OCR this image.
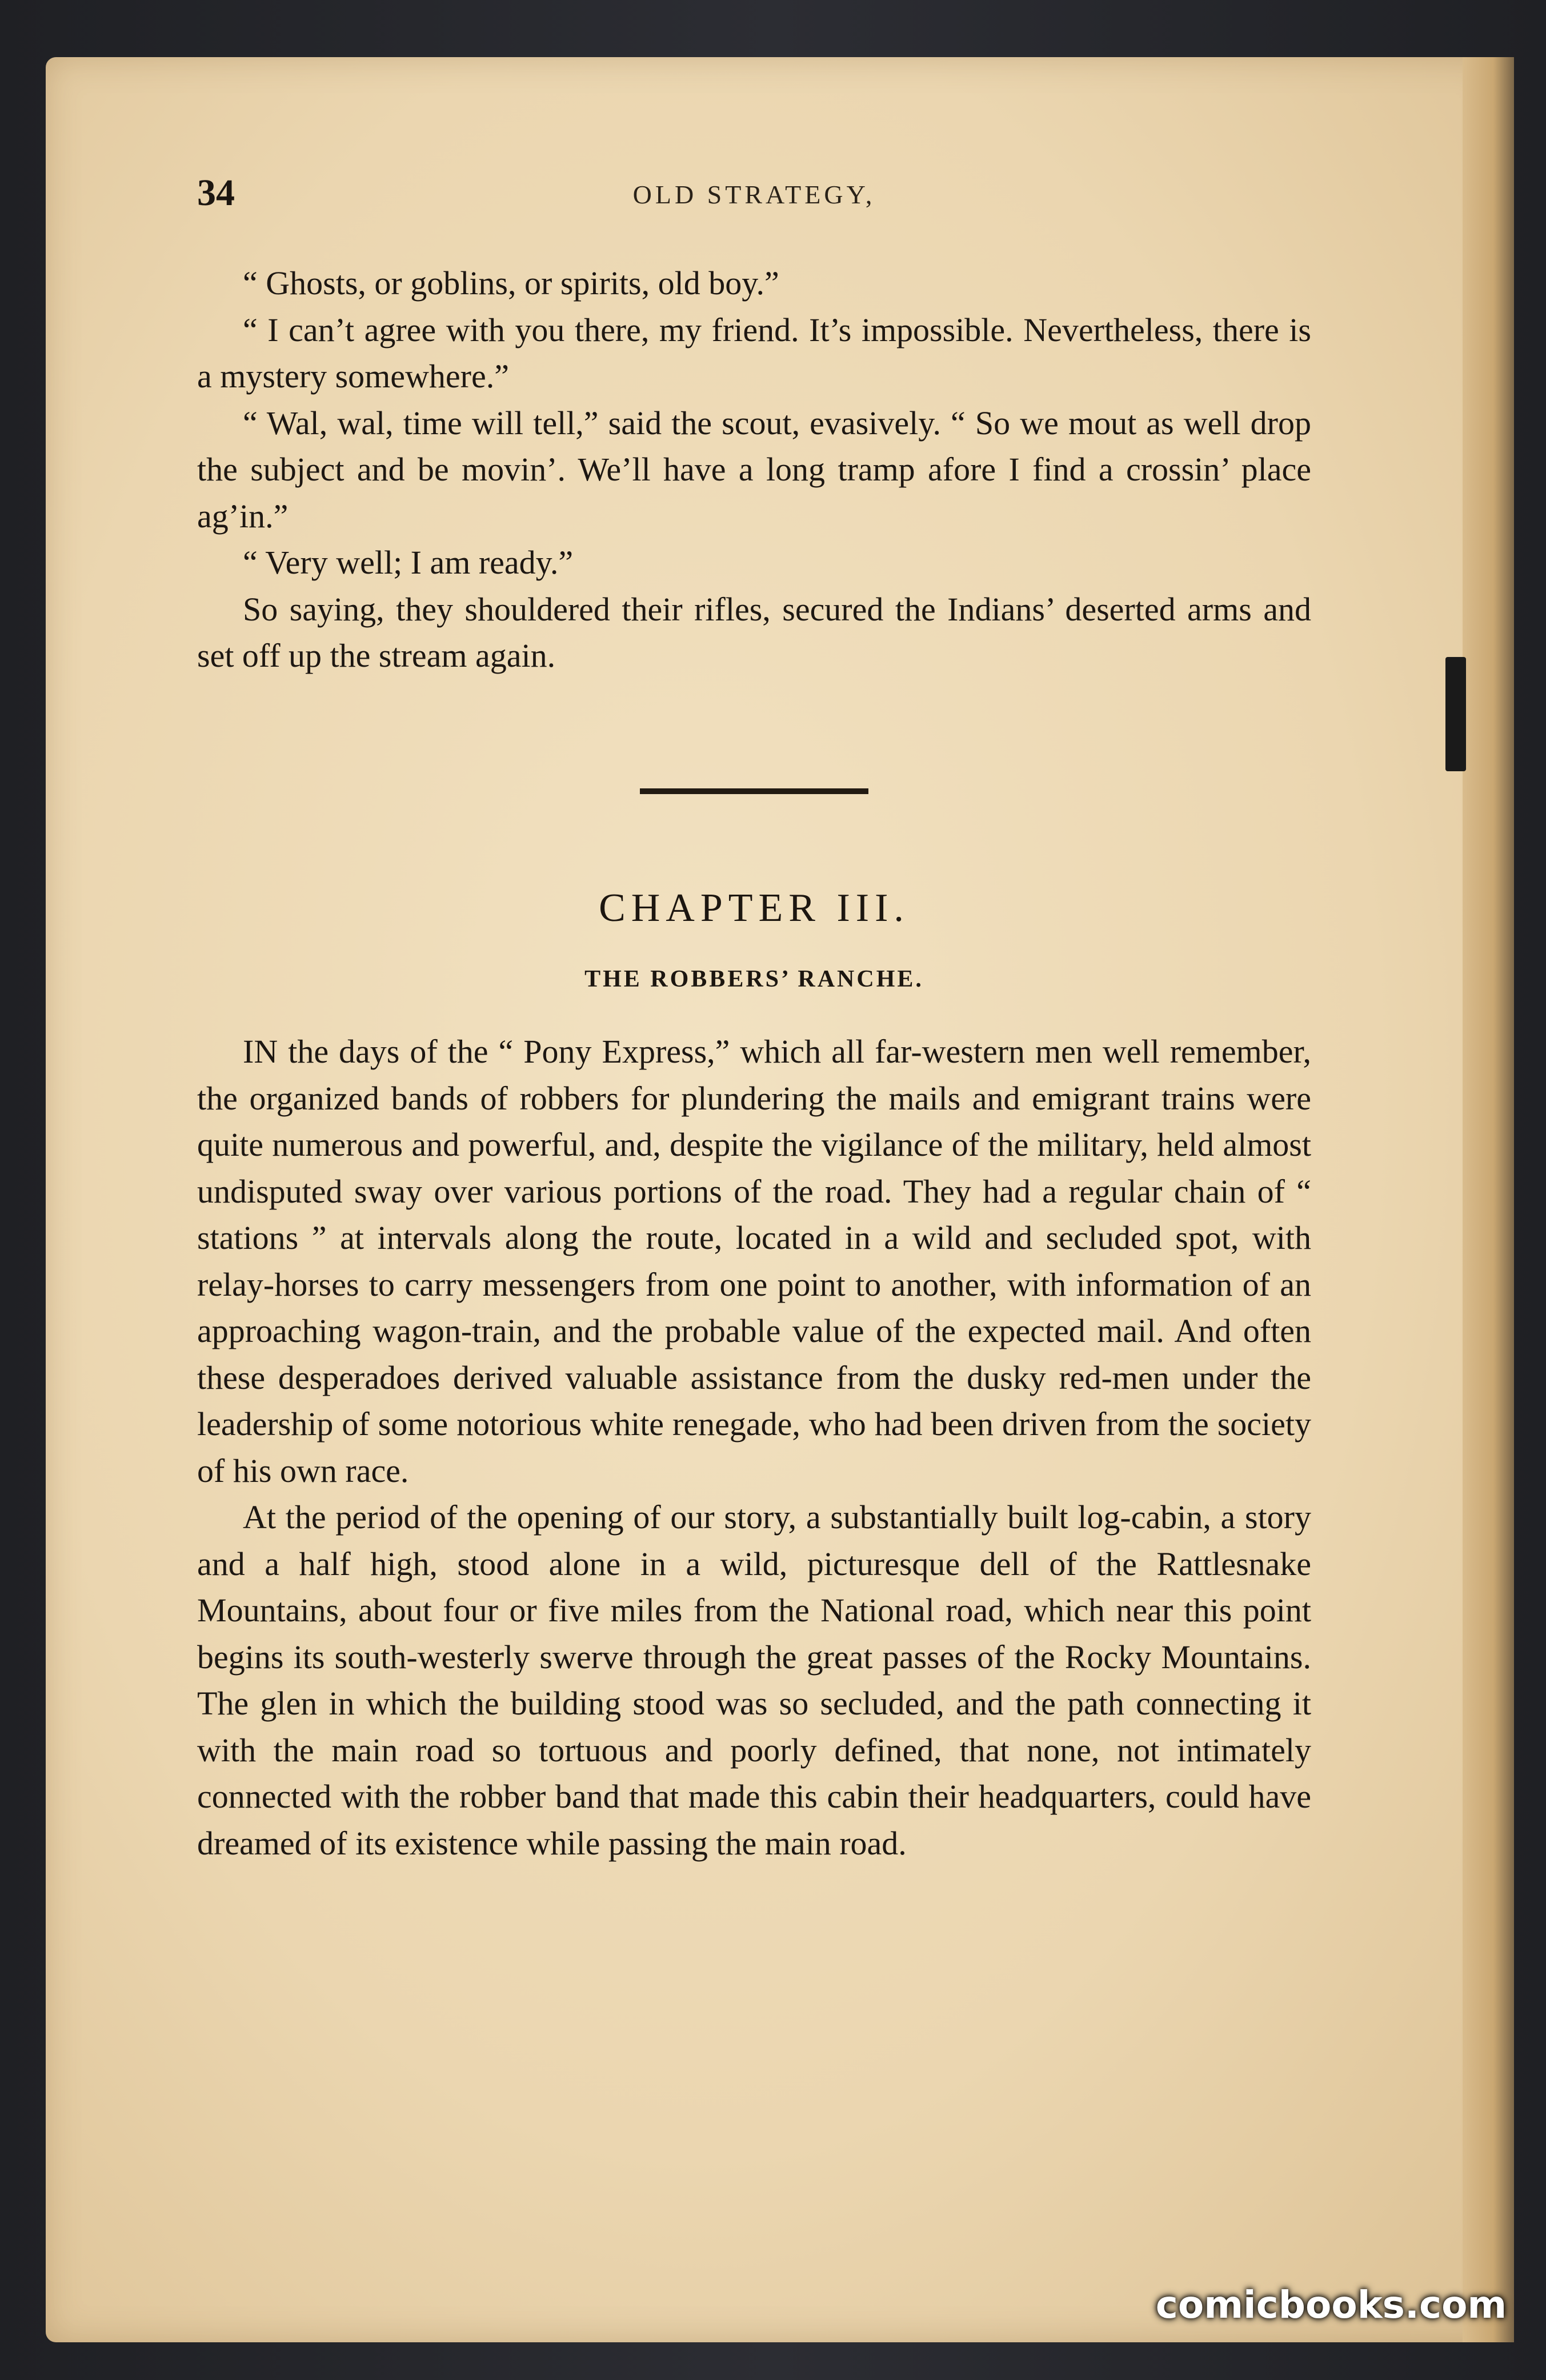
34	OLD STRATEGY,

“ Ghosts, or goblins, or spirits, old boy.”

“ I can’t agree with you there, my friend. It’s impossible. Nevertheless, there is a mystery somewhere.”

“ Wal, wal, time will tell,” said the scout, evasively. “ So we mout as well drop the subject and be movin’. We’ll have a long tramp afore I find a crossin’ place ag’in.”

“ Very well; I am ready.”

So saying, they shouldered their rifles, secured the Indians’ deserted arms and set off up the stream again.

CHAPTER III.
THE ROBBERS’ RANCHE.

IN the days of the “ Pony Express,” which all far-western men well remember, the organized bands of robbers for plundering the mails and emigrant trains were quite numerous and powerful, and, despite the vigilance of the military, held almost undisputed sway over various portions of the road. They had a regular chain of “ stations ” at intervals along the route, located in a wild and secluded spot, with relay-horses to carry messengers from one point to another, with information of an approaching wagon-train, and the probable value of the expected mail. And often these desperadoes derived valuable assistance from the dusky red-men under the leadership of some notorious white renegade, who had been driven from the society of his own race.

At the period of the opening of our story, a substantially built log-cabin, a story and a half high, stood alone in a wild, picturesque dell of the Rattlesnake Mountains, about four or five miles from the National road, which near this point begins its south-westerly swerve through the great passes of the Rocky Mountains. The glen in which the building stood was so secluded, and the path connecting it with the main road so tortuous and poorly defined, that none, not intimately connected with the robber band that made this cabin their headquarters, could have dreamed of its existence while passing the main road.

comicbooks.com
